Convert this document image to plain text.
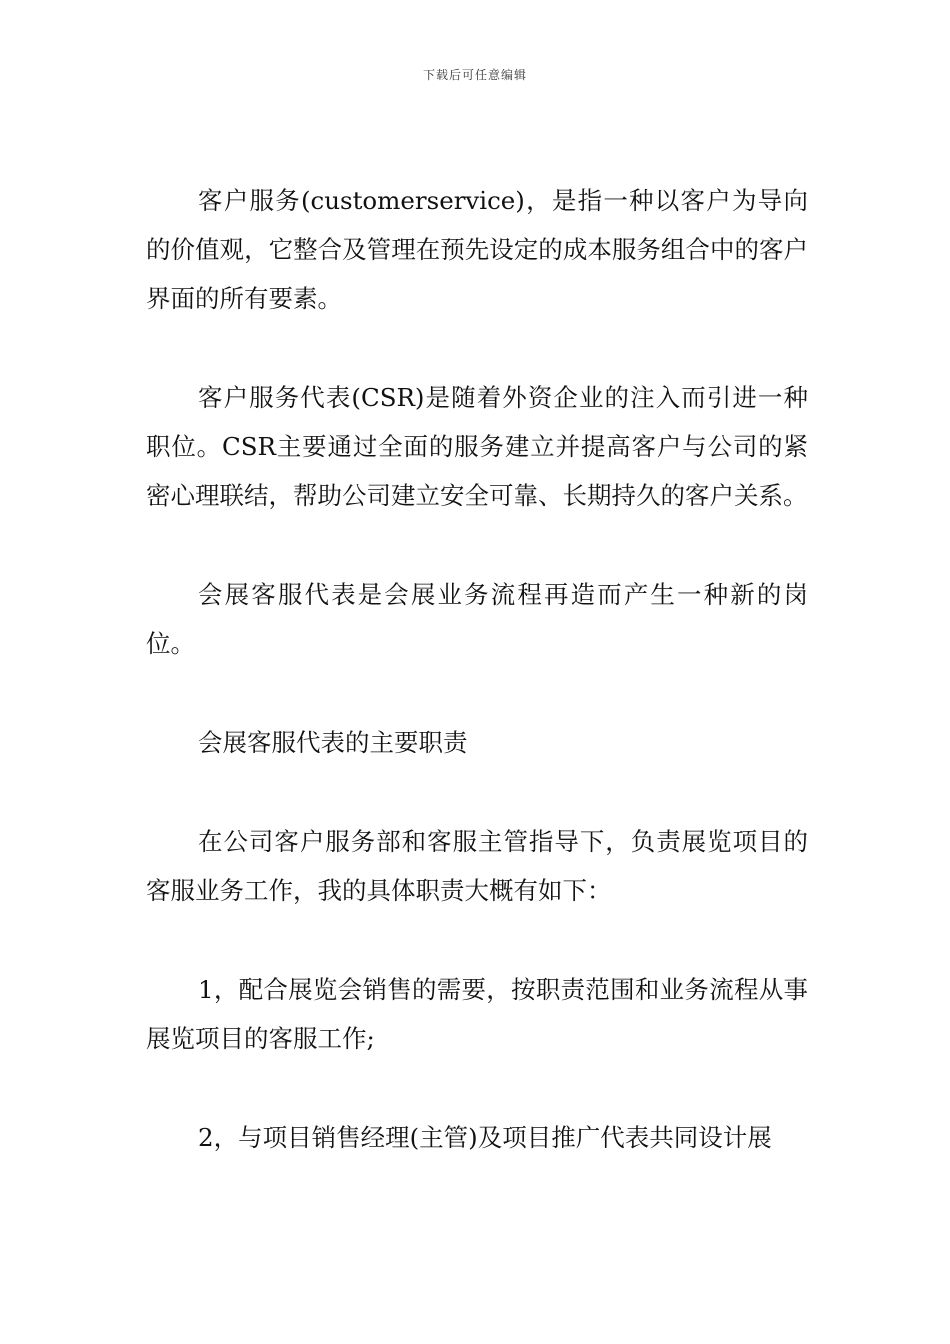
下载后可任意编辑

客户服务(customerservice)，是指一种以客户为导向的价值观，它整合及管理在预先设定的成本服务组合中的客户界面的所有要素。

客户服务代表(CSR)是随着外资企业的注入而引进一种职位。CSR主要通过全面的服务建立并提高客户与公司的紧密心理联结，帮助公司建立安全可靠、长期持久的客户关系。

会展客服代表是会展业务流程再造而产生一种新的岗位。

会展客服代表的主要职责

在公司客户服务部和客服主管指导下，负责展览项目的客服业务工作，我的具体职责大概有如下：

1，配合展览会销售的需要，按职责范围和业务流程从事展览项目的客服工作;

2，与项目销售经理(主管)及项目推广代表共同设计展
